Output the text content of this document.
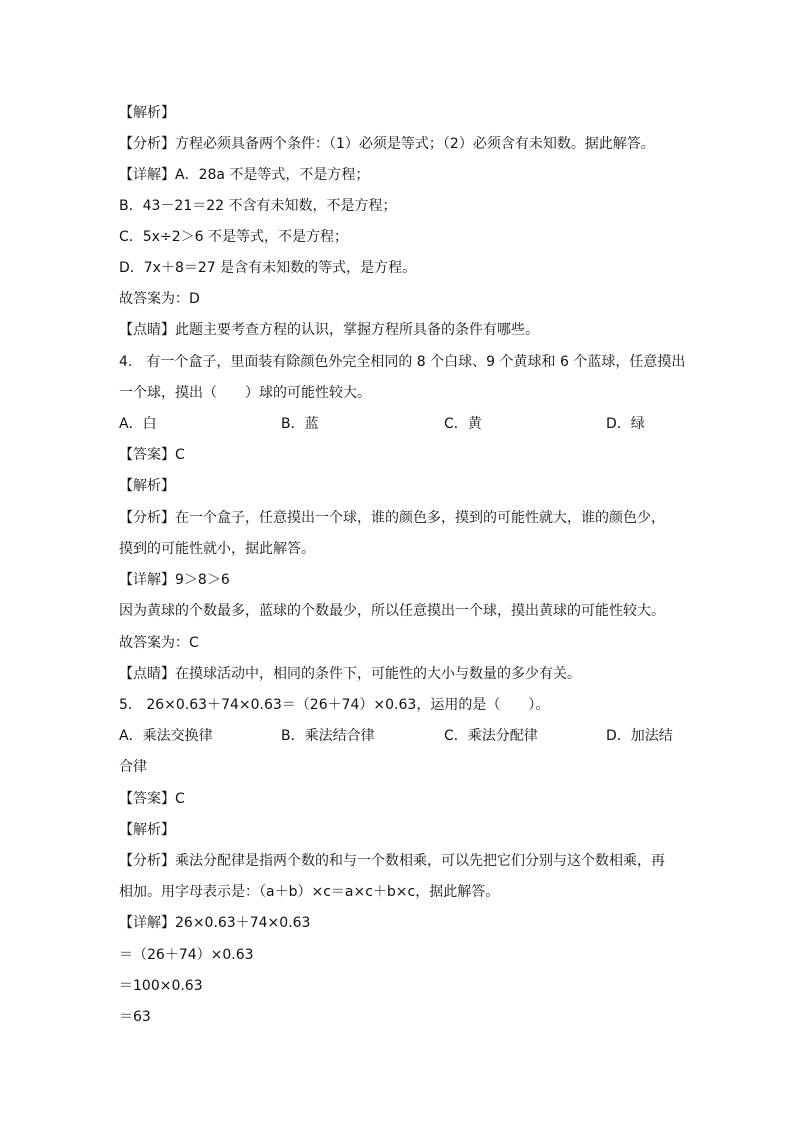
【解析】
【分析】方程必须具备两个条件：（1）必须是等式；（2）必须含有未知数。据此解答。
【详解】A．28a 不是等式，不是方程；
B．43－21＝22 不含有未知数，不是方程；
C．5x÷2＞6 不是等式，不是方程；
D．7x＋8＝27 是含有未知数的等式，是方程。
故答案为：D
【点睛】此题主要考查方程的认识，掌握方程所具备的条件有哪些。
4.　有一个盒子，里面装有除颜色外完全相同的 8 个白球、9 个黄球和 6 个蓝球，任意摸出
一个球，摸出（　　）球的可能性较大。
A．白	B．蓝	C．黄	D．绿
【答案】C
【解析】
【分析】在一个盒子，任意摸出一个球，谁的颜色多，摸到的可能性就大，谁的颜色少，
摸到的可能性就小，据此解答。
【详解】9＞8＞6
因为黄球的个数最多，蓝球的个数最少，所以任意摸出一个球，摸出黄球的可能性较大。
故答案为：C
【点睛】在摸球活动中，相同的条件下，可能性的大小与数量的多少有关。
5.　26×0.63＋74×0.63＝（26＋74）×0.63，运用的是（　　）。
A．乘法交换律	B．乘法结合律	C．乘法分配律	D．加法结
合律
【答案】C
【解析】
【分析】乘法分配律是指两个数的和与一个数相乘，可以先把它们分别与这个数相乘，再
相加。用字母表示是：（a＋b）×c＝a×c＋b×c，据此解答。
【详解】26×0.63＋74×0.63
＝（26＋74）×0.63
＝100×0.63
＝63
